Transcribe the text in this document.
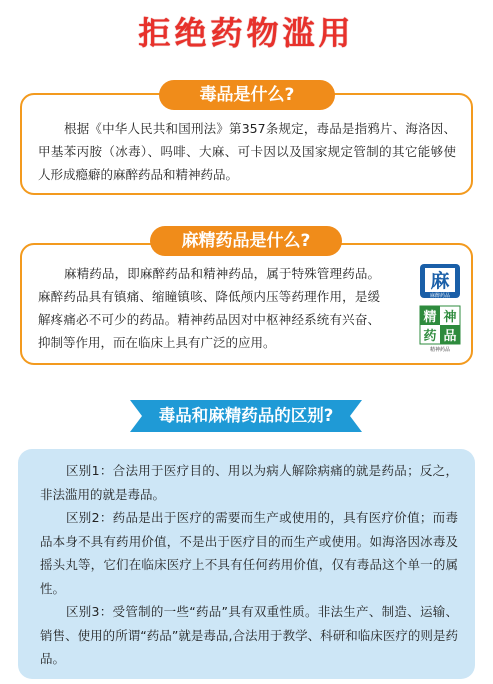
拒绝药物滥用
毒品是什么?
根据《中华人民共和国刑法》第357条规定，毒品是指鸦片、海洛因、甲基苯丙胺（冰毒）、吗啡、大麻、可卡因以及国家规定管制的其它能够使人形成瘾癖的麻醉药品和精神药品。
麻精药品是什么?
麻精药品，即麻醉药品和精神药品，属于特殊管理药品。麻醉药品具有镇痛、缩瞳镇咳、降低颅内压等药理作用，是缓解疼痛必不可少的药品。精神药品因对中枢神经系统有兴奋、抑制等作用，而在临床上具有广泛的应用。
麻
麻醉药品
精 神
药 品
精神药品
毒品和麻精药品的区别?

区别1：合法用于医疗目的、用以为病人解除病痛的就是药品；反之，非法滥用的就是毒品。

区别2：药品是出于医疗的需要而生产或使用的，具有医疗价值；而毒品本身不具有药用价值，不是出于医疗目的而生产或使用。如海洛因冰毒及摇头丸等，它们在临床医疗上不具有任何药用价值，仅有毒品这个单一的属性。

区别3：受管制的一些“药品”具有双重性质。非法生产、制造、运输、销售、使用的所谓“药品”就是毒品,合法用于教学、科研和临床医疗的则是药品。
